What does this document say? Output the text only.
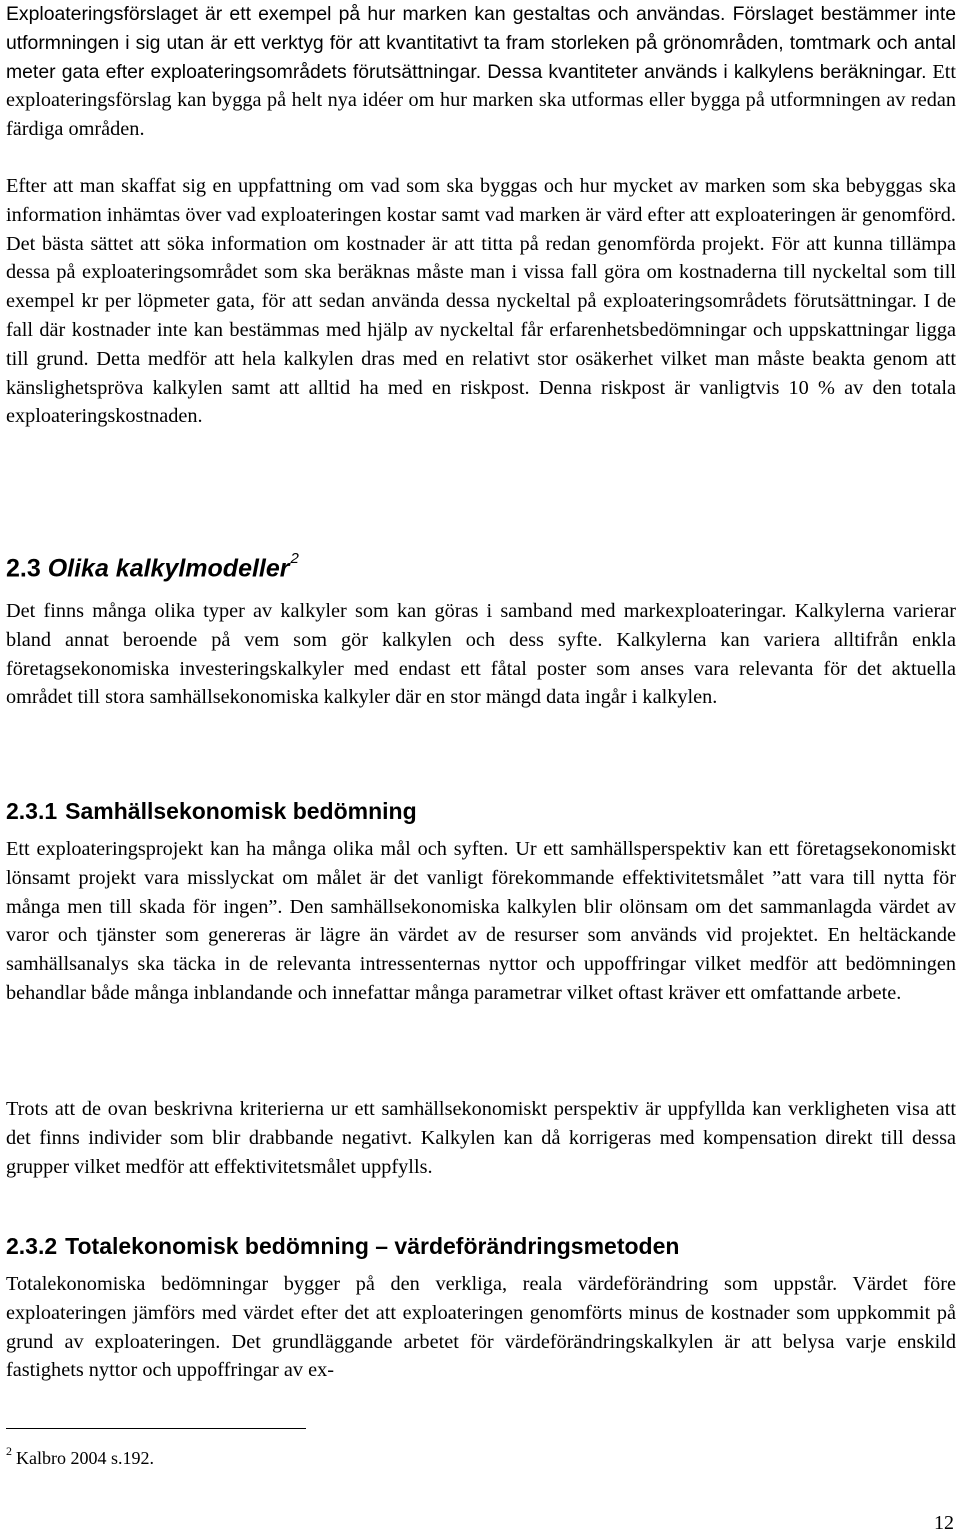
Exploateringsförslaget är ett exempel på hur marken kan gestaltas och användas. Förslaget bestämmer inte utformningen i sig utan är ett verktyg för att kvantitativt ta fram storleken på grönområden, tomtmark och antal meter gata efter exploateringsområdets förutsättningar. Dessa kvantiteter används i kalkylens beräkningar. Ett exploateringsförslag kan bygga på helt nya idéer om hur marken ska utformas eller bygga på utformningen av redan färdiga områden.

Efter att man skaffat sig en uppfattning om vad som ska byggas och hur mycket av marken som ska bebyggas ska information inhämtas över vad exploateringen kostar samt vad marken är värd efter att exploateringen är genomförd. Det bästa sättet att söka information om kostnader är att titta på redan genomförda projekt. För att kunna tillämpa dessa på exploateringsområdet som ska beräknas måste man i vissa fall göra om kostnaderna till nyckeltal som till exempel kr per löpmeter gata, för att sedan använda dessa nyckeltal på exploateringsområdets förutsättningar. I de fall där kostnader inte kan bestämmas med hjälp av nyckeltal får erfarenhetsbedömningar och uppskattningar ligga till grund. Detta medför att hela kalkylen dras med en relativt stor osäkerhet vilket man måste beakta genom att känslighetspröva kalkylen samt att alltid ha med en riskpost. Denna riskpost är vanligtvis 10 % av den totala exploateringskostnaden.

2.3 Olika kalkylmodeller$^2$

Det finns många olika typer av kalkyler som kan göras i samband med markexploateringar. Kalkylerna varierar bland annat beroende på vem som gör kalkylen och dess syfte. Kalkylerna kan variera alltifrån enkla företagsekonomiska investeringskalkyler med endast ett fåtal poster som anses vara relevanta för det aktuella området till stora samhällsekonomiska kalkyler där en stor mängd data ingår i kalkylen.

2.3.1 Samhällsekonomisk bedömning

Ett exploateringsprojekt kan ha många olika mål och syften. Ur ett samhällsperspektiv kan ett företagsekonomiskt lönsamt projekt vara misslyckat om målet är det vanligt förekommande effektivitetsmålet ”att vara till nytta för många men till skada för ingen”. Den samhällsekonomiska kalkylen blir olönsam om det sammanlagda värdet av varor och tjänster som genereras är lägre än värdet av de resurser som används vid projektet. En heltäckande samhällsanalys ska täcka in de relevanta intressenternas nyttor och uppoffringar vilket medför att bedömningen behandlar både många inblandande och innefattar många parametrar vilket oftast kräver ett omfattande arbete.

Trots att de ovan beskrivna kriterierna ur ett samhällsekonomiskt perspektiv är uppfyllda kan verkligheten visa att det finns individer som blir drabbande negativt. Kalkylen kan då korrigeras med kompensation direkt till dessa grupper vilket medför att effektivitetsmålet uppfylls.

2.3.2 Totalekonomisk bedömning – värdeförändringsmetoden

Totalekonomiska bedömningar bygger på den verkliga, reala värdeförändring som uppstår. Värdet före exploateringen jämförs med värdet efter det att exploateringen genomförts minus de kostnader som uppkommit på grund av exploateringen. Det grundläggande arbetet för värdeförändringskalkylen är att belysa varje enskild fastighets nyttor och uppoffringar av ex-

$^2$ Kalbro 2004 s.192.
12
